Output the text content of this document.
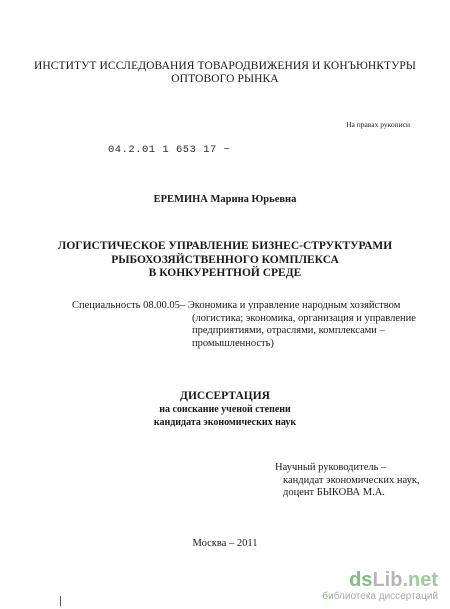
ИНСТИТУТ ИССЛЕДОВАНИЯ ТОВАРОДВИЖЕНИЯ И КОНЪЮНКТУРЫ
ОПТОВОГО РЫНКА
На правах рукописи
04.2.01 1 653 17 ~
ЕРЕМИНА Марина Юрьевна
ЛОГИСТИЧЕСКОЕ УПРАВЛЕНИЕ БИЗНЕС-СТРУКТУРАМИ
РЫБОХОЗЯЙСТВЕННОГО КОМПЛЕКСА
В КОНКУРЕНТНОЙ СРЕДЕ
Специальность 08.00.05 – Экономика и управление народным хозяйством
(логистика; экономика, организация и управление
предприятиями, отраслями, комплексами –
промышленность)
ДИССЕРТАЦИЯ
на соискание ученой степени
кандидата экономических наук
Научный руководитель –
кандидат экономических наук,
доцент БЫКОВА М.А.
Москва – 2011
dsLib.net
библиотека диссертаций
